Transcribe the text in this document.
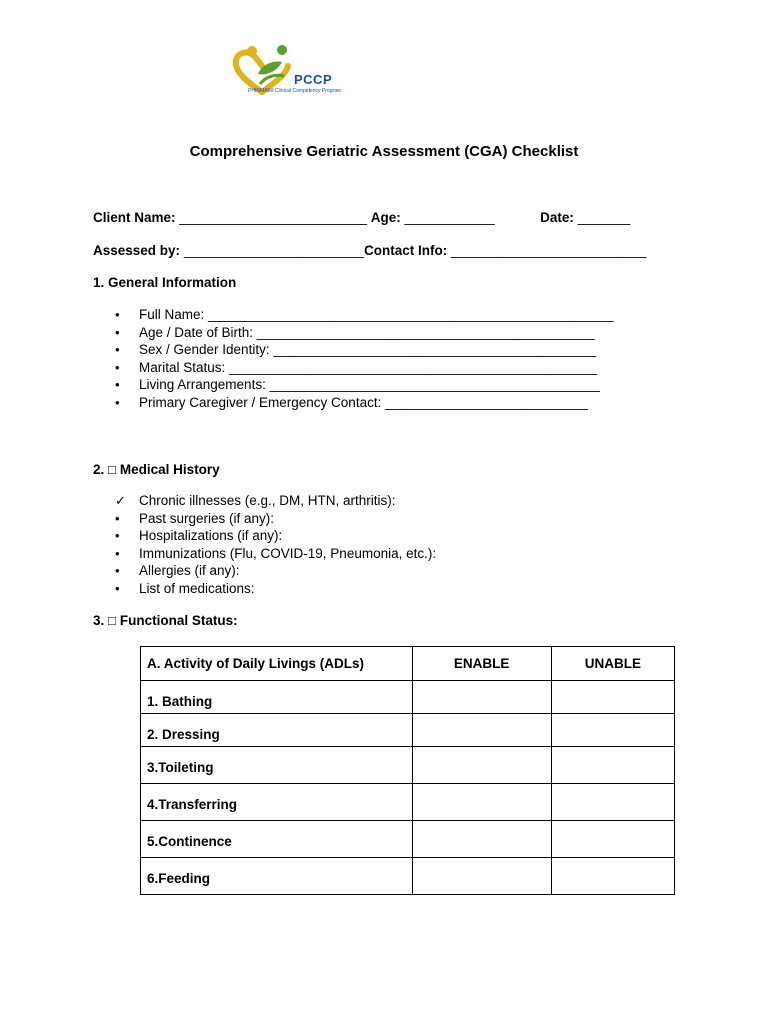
PCCP
PHINMAEd Clinical Competency Program
Comprehensive Geriatric Assessment (CGA) Checklist
Client Name: _________________________ Age: ____________	Date: _______
Assessed by: ________________________Contact Info: __________________________
1. General Information
• Full Name: ______________________________________________________
• Age / Date of Birth: _____________________________________________
• Sex / Gender Identity: ___________________________________________
• Marital Status: _________________________________________________
• Living Arrangements: ____________________________________________
• Primary Caregiver / Emergency Contact: ___________________________
2. □ Medical History
✓ Chronic illnesses (e.g., DM, HTN, arthritis):
• Past surgeries (if any):
• Hospitalizations (if any):
• Immunizations (Flu, COVID-19, Pneumonia, etc.):
• Allergies (if any):
• List of medications:
3. □ Functional Status:
A. Activity of Daily Livings (ADLs)	ENABLE	UNABLE
1. Bathing		
2. Dressing		
3.Toileting		
4.Transferring		
5.Continence		
6.Feeding		
